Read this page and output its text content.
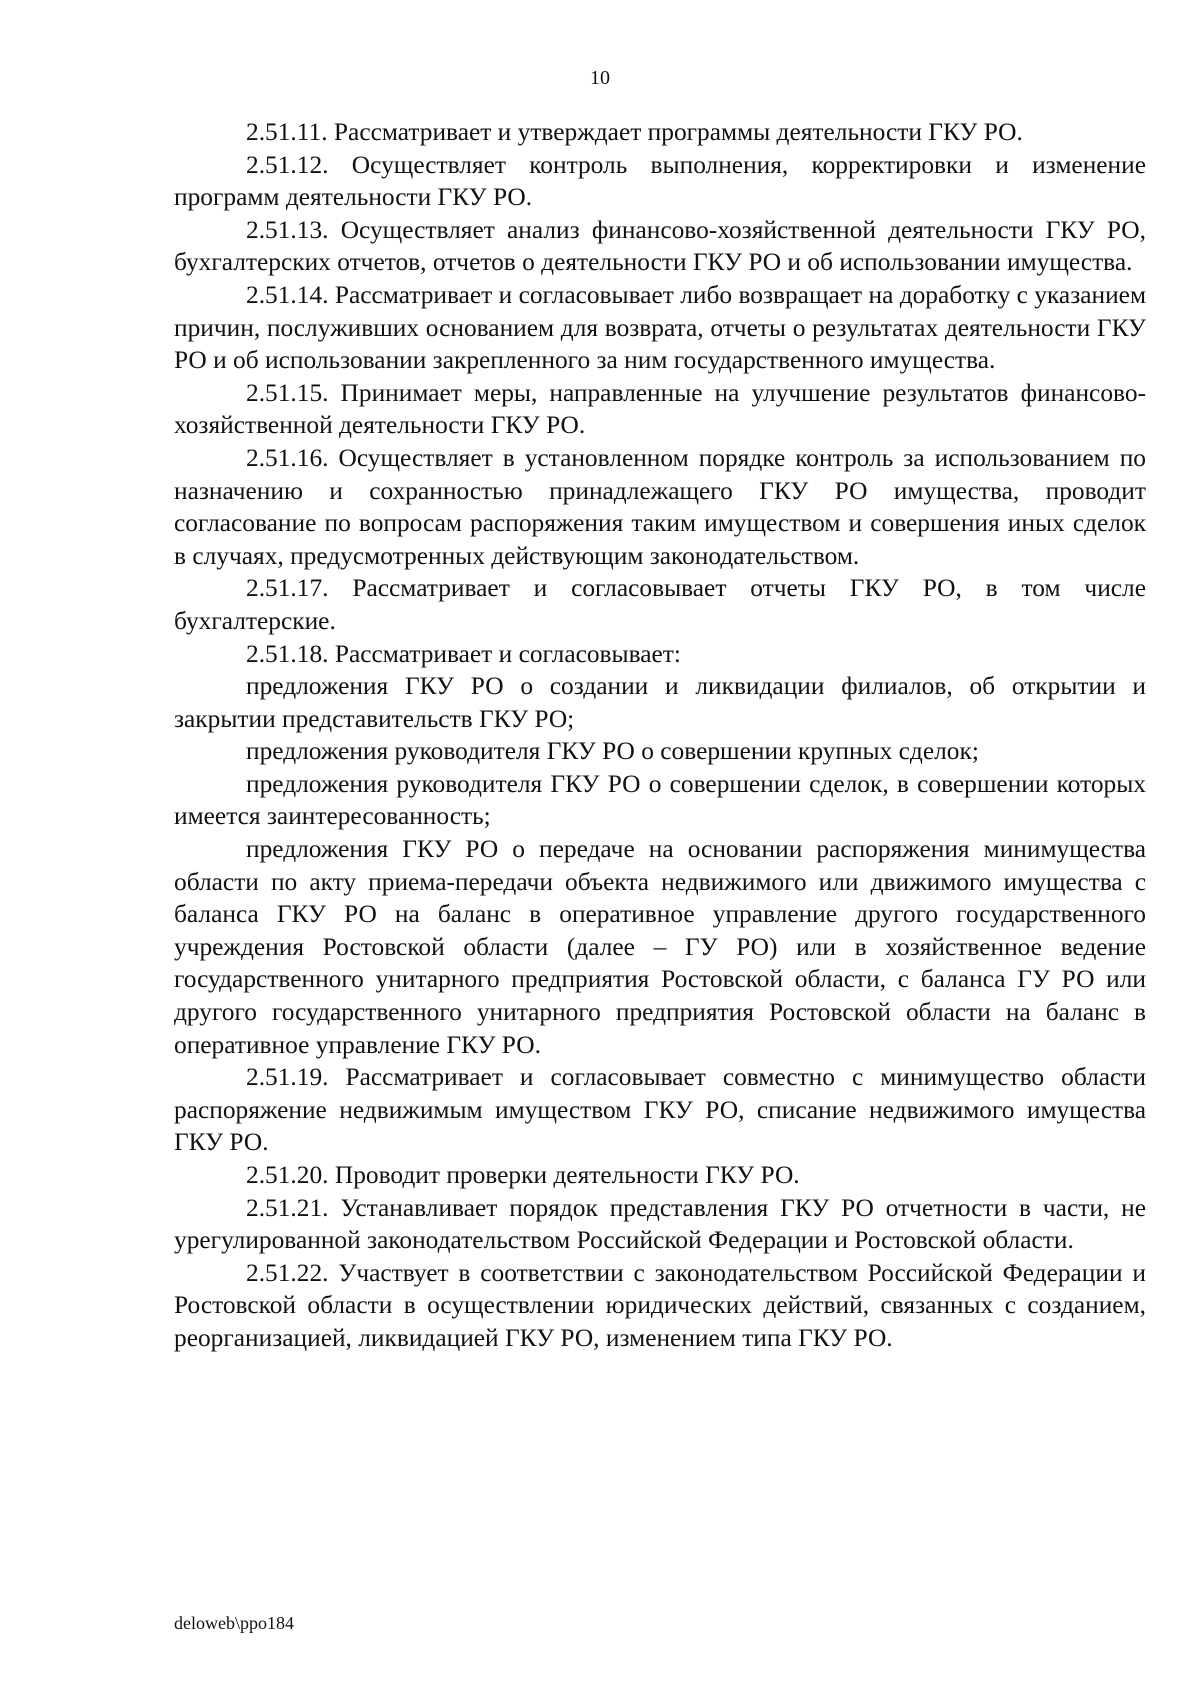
10

2.51.11. Рассматривает и утверждает программы деятельности ГКУ РО.

2.51.12. Осуществляет контроль выполнения, корректировки и изменение программ деятельности ГКУ РО.

2.51.13. Осуществляет анализ финансово-хозяйственной деятельности ГКУ РО, бухгалтерских отчетов, отчетов о деятельности ГКУ РО и об использовании имущества.

2.51.14. Рассматривает и согласовывает либо возвращает на доработку с указанием причин, послуживших основанием для возврата, отчеты о результатах деятельности ГКУ РО и об использовании закрепленного за ним государственного имущества.

2.51.15. Принимает меры, направленные на улучшение результатов финансово-хозяйственной деятельности ГКУ РО.

2.51.16. Осуществляет в установленном порядке контроль за использованием по назначению и сохранностью принадлежащего ГКУ РО имущества, проводит согласование по вопросам распоряжения таким имуществом и совершения иных сделок в случаях, предусмотренных действующим законодательством.

2.51.17. Рассматривает и согласовывает отчеты ГКУ РО, в том числе бухгалтерские.

2.51.18. Рассматривает и согласовывает:

предложения ГКУ РО о создании и ликвидации филиалов, об открытии и закрытии представительств ГКУ РО;

предложения руководителя ГКУ РО о совершении крупных сделок;

предложения руководителя ГКУ РО о совершении сделок, в совершении которых имеется заинтересованность;

предложения ГКУ РО о передаче на основании распоряжения минимущества области по акту приема-передачи объекта недвижимого или движимого имущества с баланса ГКУ РО на баланс в оперативное управление другого государственного учреждения Ростовской области (далее – ГУ РО) или в хозяйственное ведение государственного унитарного предприятия Ростовской области, с баланса ГУ РО или другого государственного унитарного предприятия Ростовской области на баланс в оперативное управление ГКУ РО.

2.51.19. Рассматривает и согласовывает совместно с минимущество области распоряжение недвижимым имуществом ГКУ РО, списание недвижимого имущества ГКУ РО.

2.51.20. Проводит проверки деятельности ГКУ РО.

2.51.21. Устанавливает порядок представления ГКУ РО отчетности в части, не урегулированной законодательством Российской Федерации и Ростовской области.

2.51.22. Участвует в соответствии с законодательством Российской Федерации и Ростовской области в осуществлении юридических действий, связанных с созданием, реорганизацией, ликвидацией ГКУ РО, изменением типа ГКУ РО.

deloweb\ppo184
